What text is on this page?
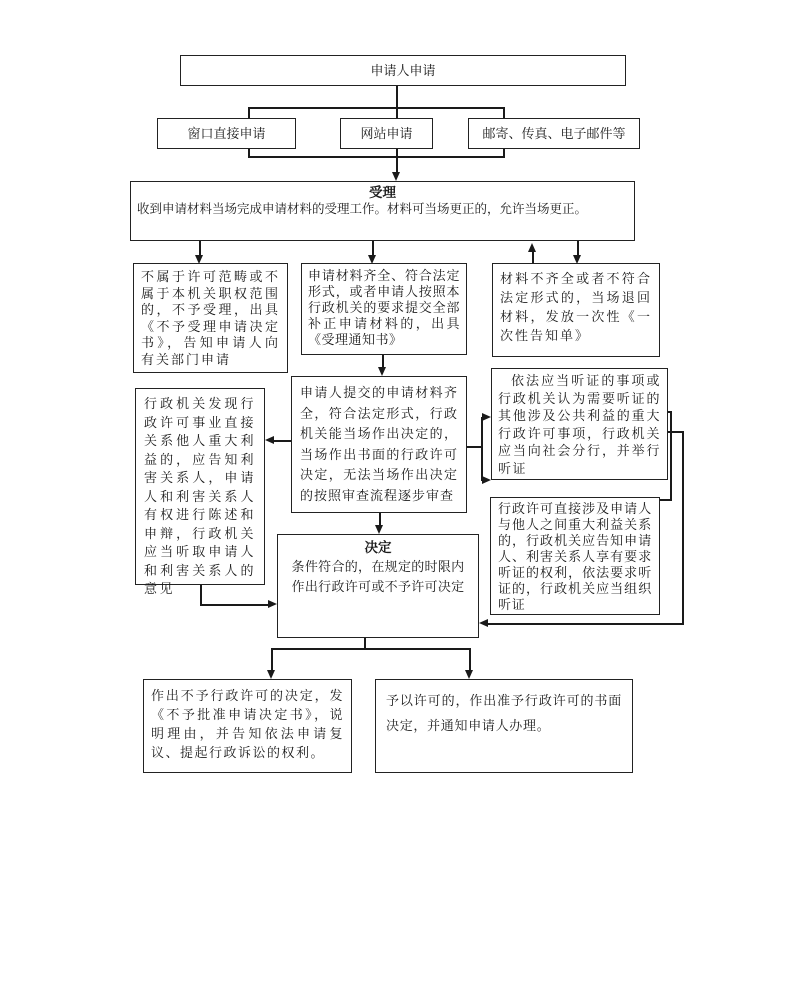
申请人申请
窗口直接申请	网站申请	邮寄、传真、电子邮件等
受理
收到申请材料当场完成申请材料的受理工作。材料可当场更正的，允许当场更正。
不属于许可范畴或不属于本机关职权范围的，不予受理，出具《不予受理申请决定书》，告知申请人向有关部门申请
申请材料齐全、符合法定形式，或者申请人按照本行政机关的要求提交全部补正申请材料的，出具《受理通知书》
材料不齐全或者不符合法定形式的，当场退回材料，发放一次性《一次性告知单》
行政机关发现行政许可事业直接关系他人重大利益的，应告知利害关系人，申请人和利害关系人有权进行陈述和申辩，行政机关应当听取申请人和利害关系人的意见
申请人提交的申请材料齐全，符合法定形式，行政机关能当场作出决定的，当场作出书面的行政许可决定，无法当场作出决定的按照审查流程逐步审查
依法应当听证的事项或行政机关认为需要听证的其他涉及公共利益的重大行政许可事项，行政机关应当向社会分行，并举行听证
行政许可直接涉及申请人与他人之间重大利益关系的，行政机关应告知申请人、利害关系人享有要求听证的权利，依法要求听证的，行政机关应当组织听证
决定
条件符合的，在规定的时限内作出行政许可或不予许可决定
作出不予行政许可的决定，发《不予批准申请决定书》，说明理由，并告知依法申请复议、提起行政诉讼的权利。
予以许可的，作出准予行政许可的书面决定，并通知申请人办理。
